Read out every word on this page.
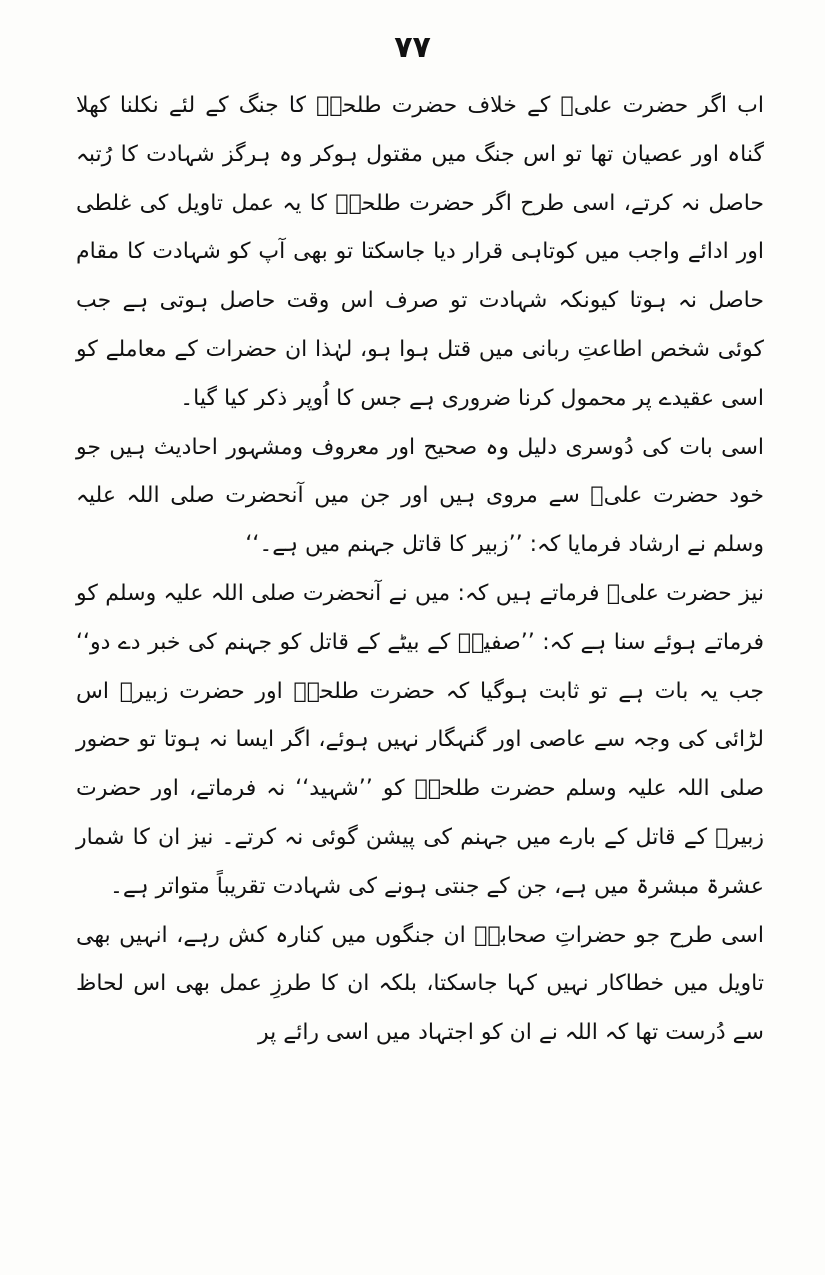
۷۷

اب اگر حضرت علیؓ کے خلاف حضرت طلحہؓ کا جنگ کے لئے نکلنا کھلا گناہ اور عصیان تھا تو اس جنگ میں مقتول ہوکر وہ ہرگز شہادت کا رُتبہ حاصل نہ کرتے، اسی طرح اگر حضرت طلحہؓ کا یہ عمل تاویل کی غلطی اور ادائے واجب میں کوتاہی قرار دیا جاسکتا تو بھی آپ کو شہادت کا مقام حاصل نہ ہوتا کیونکہ شہادت تو صرف اس وقت حاصل ہوتی ہے جب کوئی شخص اطاعتِ ربانی میں قتل ہوا ہو، لہٰذا ان حضرات کے معاملے کو اسی عقیدے پر محمول کرنا ضروری ہے جس کا اُوپر ذکر کیا گیا۔

اسی بات کی دُوسری دلیل وہ صحیح اور معروف ومشہور احادیث ہیں جو خود حضرت علیؓ سے مروی ہیں اور جن میں آنحضرت صلی اللہ علیہ وسلم نے ارشاد فرمایا کہ: ’’زبیر کا قاتل جہنم میں ہے۔‘‘

نیز حضرت علیؓ فرماتے ہیں کہ: میں نے آنحضرت صلی اللہ علیہ وسلم کو فرماتے ہوئے سنا ہے کہ: ’’صفیہؓ کے بیٹے کے قاتل کو جہنم کی خبر دے دو‘‘ جب یہ بات ہے تو ثابت ہوگیا کہ حضرت طلحہؓ اور حضرت زبیرؓ اس لڑائی کی وجہ سے عاصی اور گنہگار نہیں ہوئے، اگر ایسا نہ ہوتا تو حضور صلی اللہ علیہ وسلم حضرت طلحہؓ کو ’’شہید‘‘ نہ فرماتے، اور حضرت زبیرؓ کے قاتل کے بارے میں جہنم کی پیشن گوئی نہ کرتے۔ نیز ان کا شمار عشرۃ مبشرۃ میں ہے، جن کے جنتی ہونے کی شہادت تقریباً متواتر ہے۔

اسی طرح جو حضراتِ صحابہؓ ان جنگوں میں کنارہ کش رہے، انہیں بھی تاویل میں خطاکار نہیں کہا جاسکتا، بلکہ ان کا طرزِ عمل بھی اس لحاظ سے دُرست تھا کہ اللہ نے ان کو اجتہاد میں اسی رائے پر
